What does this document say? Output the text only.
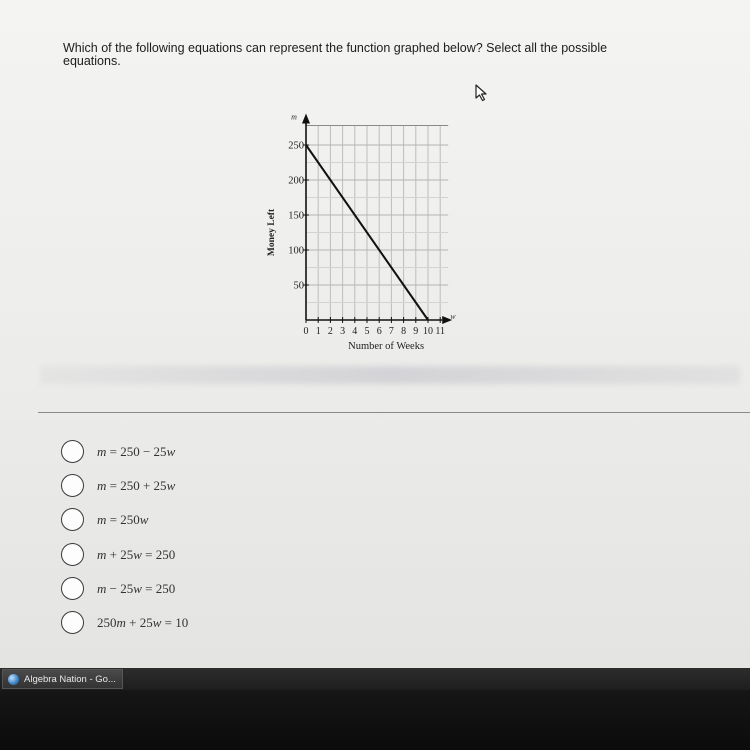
Which of the following equations can represent the function graphed below? Select all the possible equations.

50
100
150
200
250
0 1 2 3 4 5 6 7 8 9 10 11
m
w
Number of Weeks
Money Left
m = 250 − 25w
m = 250 + 25w
m = 250w
m + 25w = 250
m − 25w = 250
250m + 25w = 10
Algebra Nation - Go...
